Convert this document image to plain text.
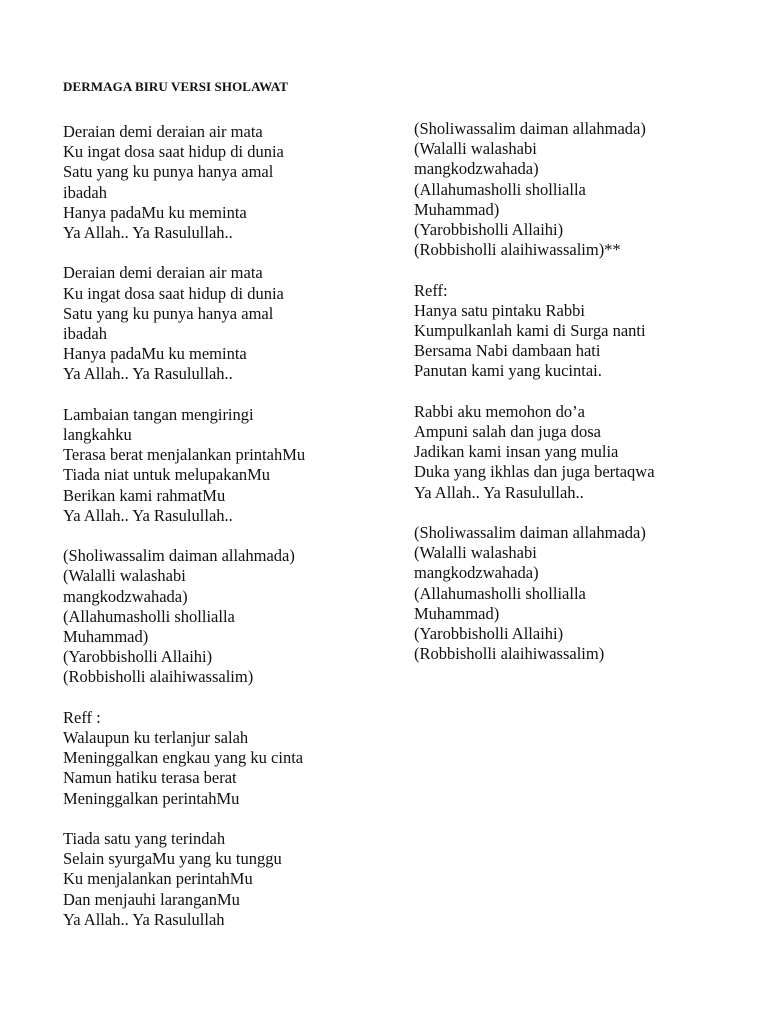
DERMAGA BIRU VERSI SHOLAWAT
Deraian demi deraian air mata
Ku ingat dosa saat hidup di dunia
Satu yang ku punya hanya amal
ibadah
Hanya padaMu ku meminta
Ya Allah.. Ya Rasulullah..
Deraian demi deraian air mata
Ku ingat dosa saat hidup di dunia
Satu yang ku punya hanya amal
ibadah
Hanya padaMu ku meminta
Ya Allah.. Ya Rasulullah..
Lambaian tangan mengiringi
langkahku
Terasa berat menjalankan printahMu
Tiada niat untuk melupakanMu
Berikan kami rahmatMu
Ya Allah.. Ya Rasulullah..
(Sholiwassalim daiman allahmada)
(Walalli walashabi
mangkodzwahada)
(Allahumasholli shollialla
Muhammad)
(Yarobbisholli Allaihi)
(Robbisholli alaihiwassalim)
Reff :
Walaupun ku terlanjur salah
Meninggalkan engkau yang ku cinta
Namun hatiku terasa berat
Meninggalkan perintahMu
Tiada satu yang terindah
Selain syurgaMu yang ku tunggu
Ku menjalankan perintahMu
Dan menjauhi laranganMu
Ya Allah.. Ya Rasulullah
(Sholiwassalim daiman allahmada)
(Walalli walashabi
mangkodzwahada)
(Allahumasholli shollialla
Muhammad)
(Yarobbisholli Allaihi)
(Robbisholli alaihiwassalim)**
Reff:
Hanya satu pintaku Rabbi
Kumpulkanlah kami di Surga nanti
Bersama Nabi dambaan hati
Panutan kami yang kucintai.
Rabbi aku memohon do’a
Ampuni salah dan juga dosa
Jadikan kami insan yang mulia
Duka yang ikhlas dan juga bertaqwa
Ya Allah.. Ya Rasulullah..
(Sholiwassalim daiman allahmada)
(Walalli walashabi
mangkodzwahada)
(Allahumasholli shollialla
Muhammad)
(Yarobbisholli Allaihi)
(Robbisholli alaihiwassalim)
